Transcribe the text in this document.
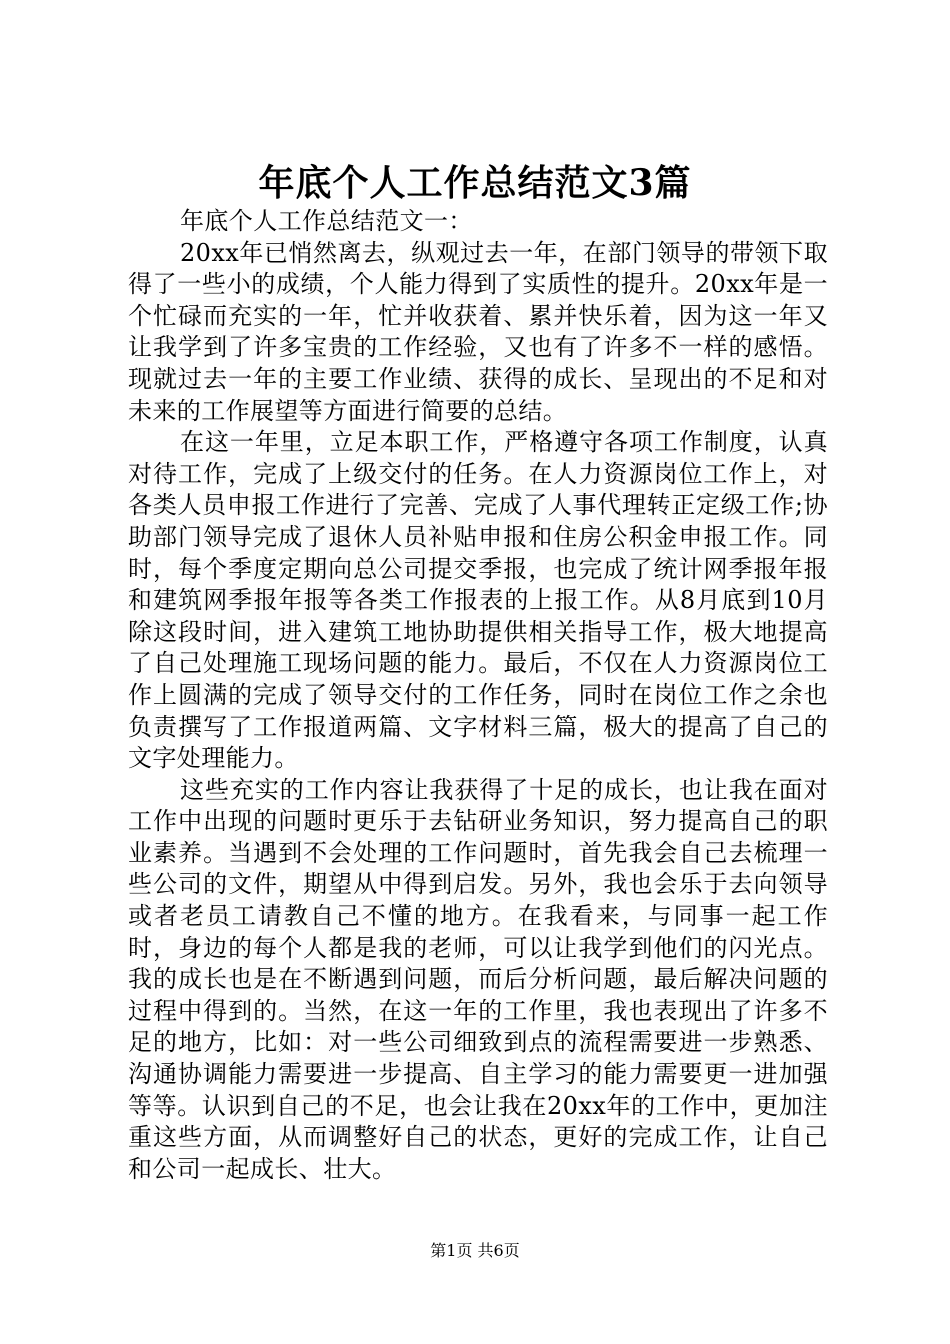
年底个人工作总结范文3篇

年底个人工作总结范文一：

20xx年已悄然离去，纵观过去一年，在部门领导的带领下取得了一些小的成绩，个人能力得到了实质性的提升。20xx年是一个忙碌而充实的一年，忙并收获着、累并快乐着，因为这一年又让我学到了许多宝贵的工作经验，又也有了许多不一样的感悟。现就过去一年的主要工作业绩、获得的成长、呈现出的不足和对未来的工作展望等方面进行简要的总结。

在这一年里，立足本职工作，严格遵守各项工作制度，认真对待工作，完成了上级交付的任务。在人力资源岗位工作上，对各类人员申报工作进行了完善、完成了人事代理转正定级工作;协助部门领导完成了退休人员补贴申报和住房公积金申报工作。同时，每个季度定期向总公司提交季报，也完成了统计网季报年报和建筑网季报年报等各类工作报表的上报工作。从8月底到10月除这段时间，进入建筑工地协助提供相关指导工作，极大地提高了自己处理施工现场问题的能力。最后，不仅在人力资源岗位工作上圆满的完成了领导交付的工作任务，同时在岗位工作之余也负责撰写了工作报道两篇、文字材料三篇，极大的提高了自己的文字处理能力。

这些充实的工作内容让我获得了十足的成长，也让我在面对工作中出现的问题时更乐于去钻研业务知识，努力提高自己的职业素养。当遇到不会处理的工作问题时，首先我会自己去梳理一些公司的文件，期望从中得到启发。另外，我也会乐于去向领导或者老员工请教自己不懂的地方。在我看来，与同事一起工作时，身边的每个人都是我的老师，可以让我学到他们的闪光点。我的成长也是在不断遇到问题，而后分析问题，最后解决问题的过程中得到的。当然，在这一年的工作里，我也表现出了许多不足的地方，比如：对一些公司细致到点的流程需要进一步熟悉、沟通协调能力需要进一步提高、自主学习的能力需要更一进加强等等。认识到自己的不足，也会让我在20xx年的工作中，更加注重这些方面，从而调整好自己的状态，更好的完成工作，让自己和公司一起成长、壮大。

第1页 共6页
